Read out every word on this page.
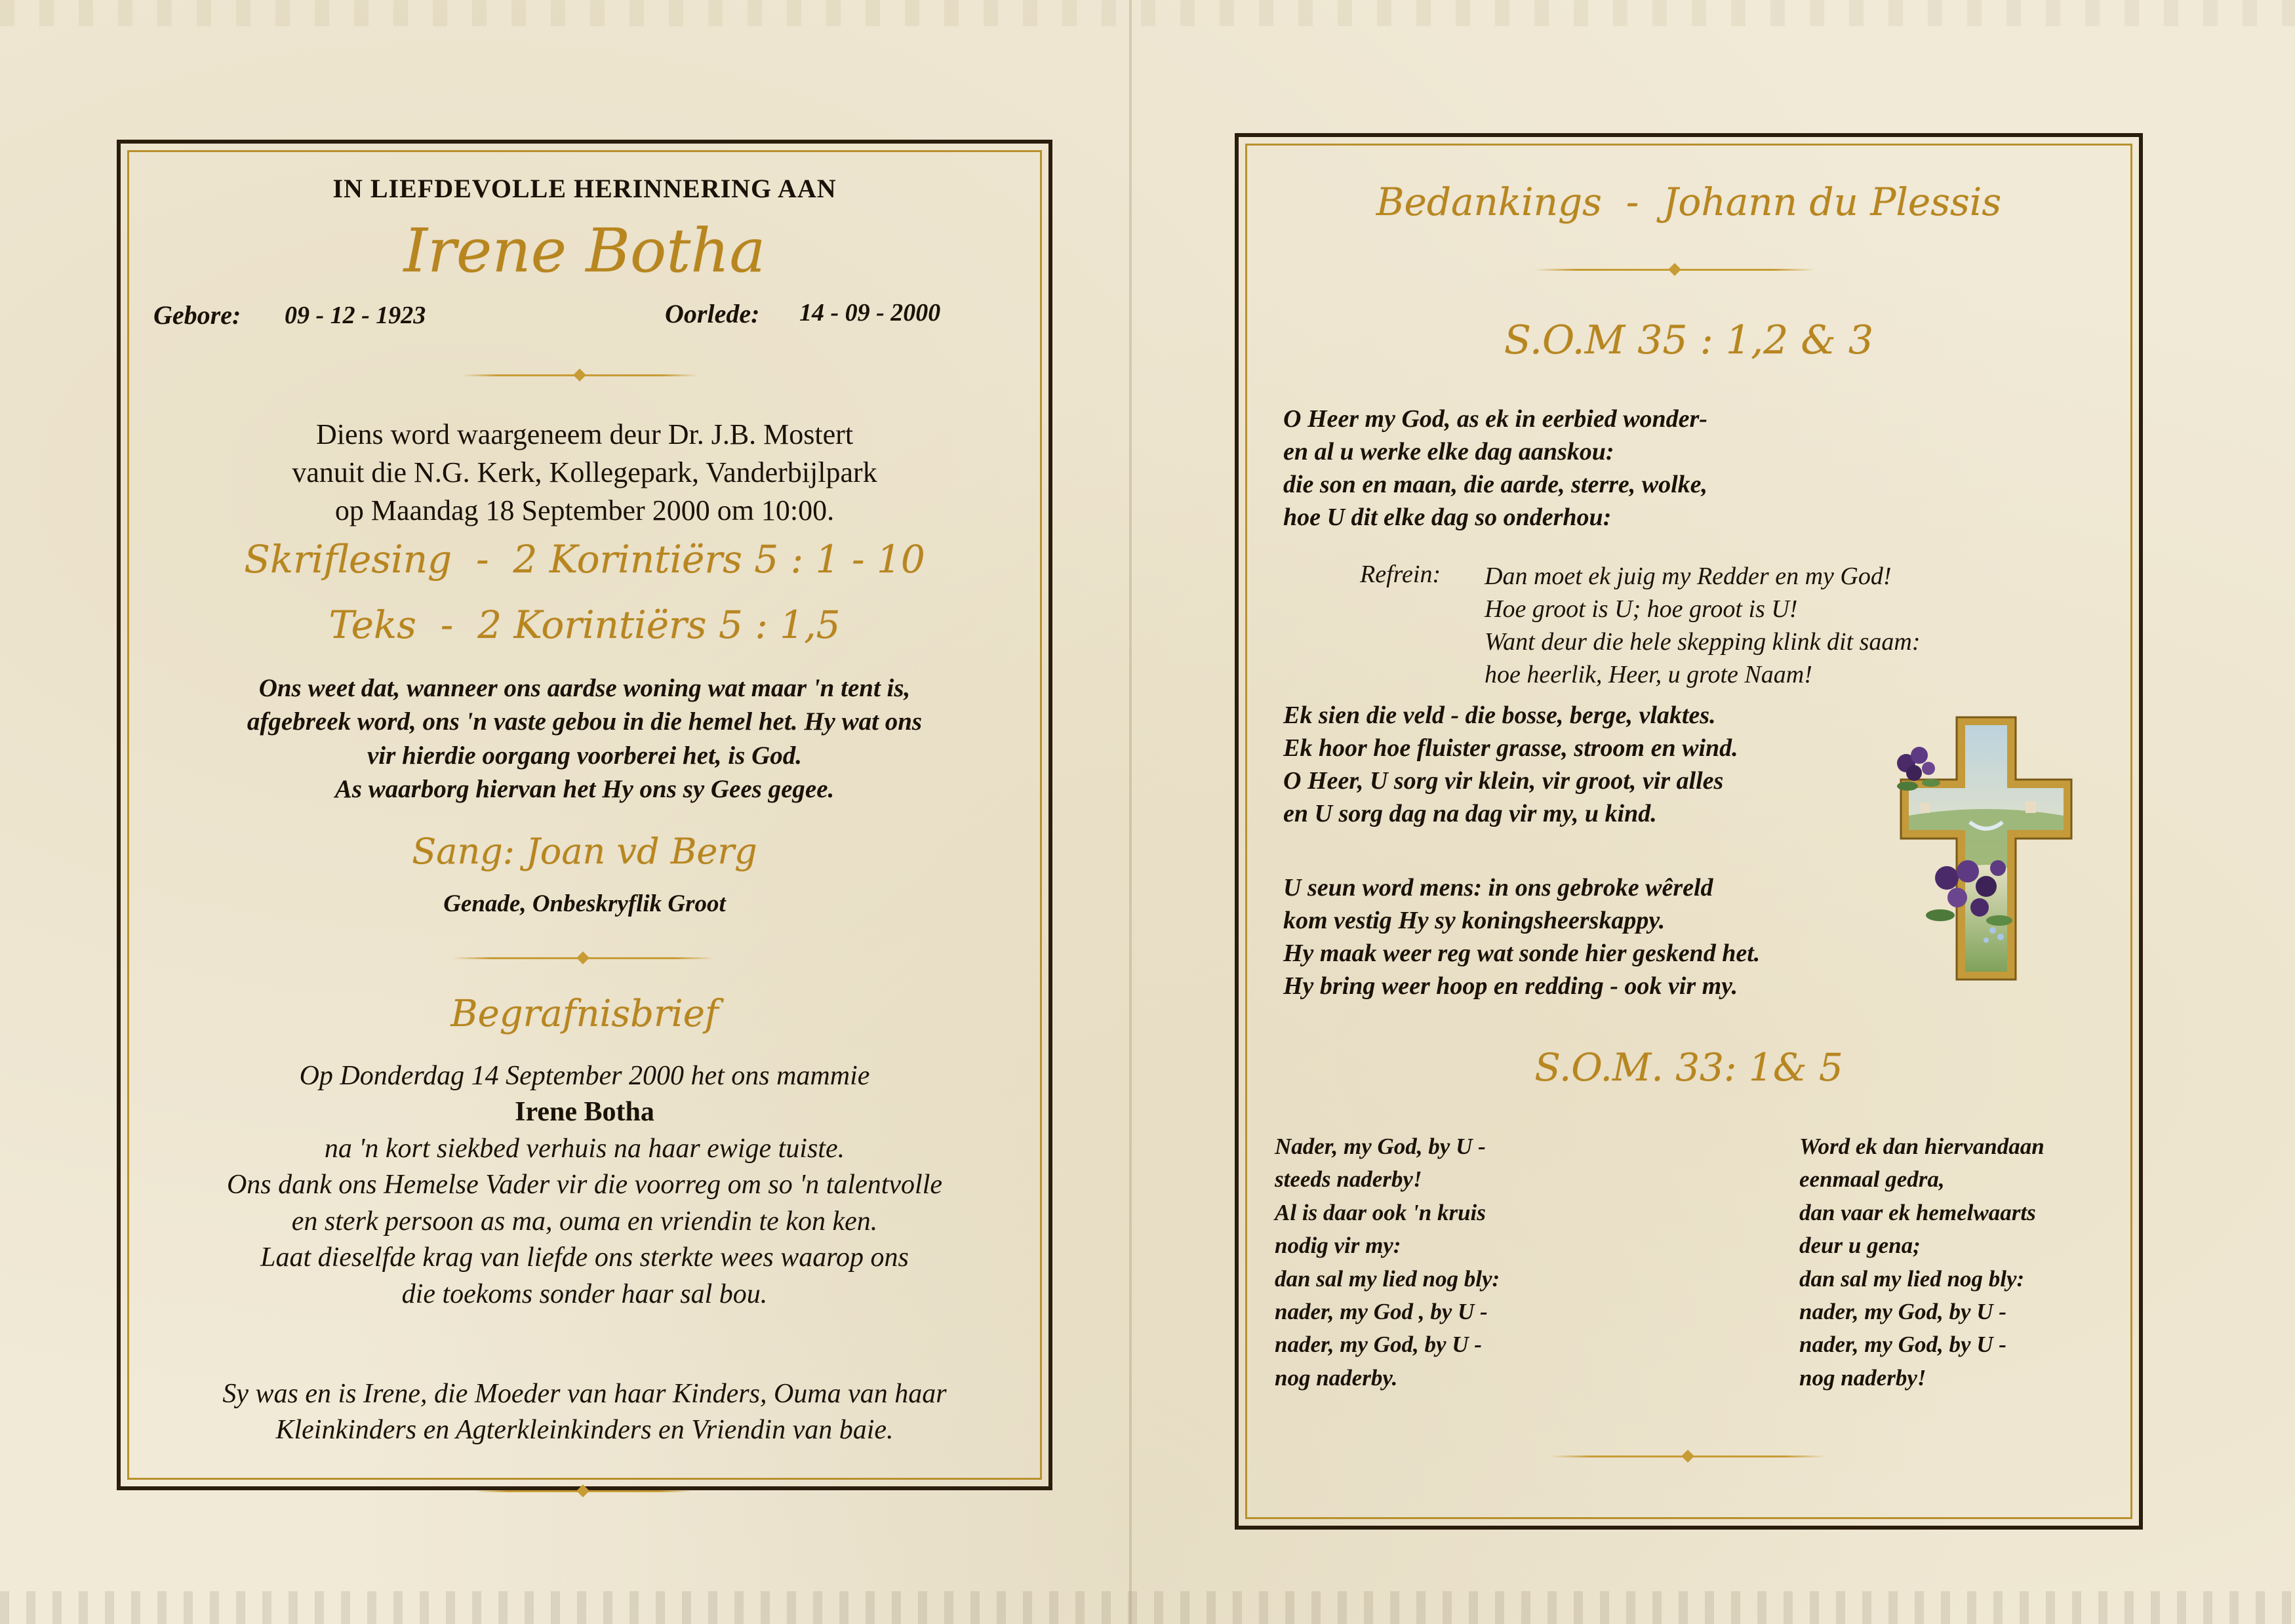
IN LIEFDEVOLLE HERINNERING AAN
Irene Botha
Gebore: 09 - 12 - 1923	Oorlede: 14 - 09 - 2000
Diens word waargeneem deur Dr. J.B. Mostert
vanuit die N.G. Kerk, Kollegepark, Vanderbijlpark
op Maandag 18 September 2000 om 10:00.
Skriflesing  -  2 Korintiërs 5 : 1 - 10
Teks  -  2 Korintiërs 5 : 1,5
Ons weet dat, wanneer ons aardse woning wat maar 'n tent is,
afgebreek word, ons 'n vaste gebou in die hemel het. Hy wat ons
vir hierdie oorgang voorberei het, is God.
As waarborg hiervan het Hy ons sy Gees gegee.
Sang: Joan vd Berg
Genade, Onbeskryflik Groot
Begrafnisbrief
Op Donderdag 14 September 2000 het ons mammie
Irene Botha
na 'n kort siekbed verhuis na haar ewige tuiste.
Ons dank ons Hemelse Vader vir die voorreg om so 'n talentvolle
en sterk persoon as ma, ouma en vriendin te kon ken.
Laat dieselfde krag van liefde ons sterkte wees waarop ons
die toekoms sonder haar sal bou.
Sy was en is Irene, die Moeder van haar Kinders, Ouma van haar
Kleinkinders en Agterkleinkinders en Vriendin van baie.
Bedankings  -  Johann du Plessis
S.O.M 35 : 1,2 & 3
O Heer my God, as ek in eerbied wonder-
en al u werke elke dag aanskou:
die son en maan, die aarde, sterre, wolke,
hoe U dit elke dag so onderhou:
Refrein: Dan moet ek juig my Redder en my God!
Hoe groot is U; hoe groot is U!
Want deur die hele skepping klink dit saam:
hoe heerlik, Heer, u grote Naam!
Ek sien die veld - die bosse, berge, vlaktes.
Ek hoor hoe fluister grasse, stroom en wind.
O Heer, U sorg vir klein, vir groot, vir alles
en U sorg dag na dag vir my, u kind.
U seun word mens: in ons gebroke wêreld
kom vestig Hy sy koningsheerskappy.
Hy maak weer reg wat sonde hier geskend het.
Hy bring weer hoop en redding - ook vir my.
S.O.M. 33: 1& 5
Nader, my God, by U -
steeds naderby!
Al is daar ook 'n kruis
nodig vir my:
dan sal my lied nog bly:
nader, my God , by U -
nader, my God, by U -
nog naderby.
Word ek dan hiervandaan
eenmaal gedra,
dan vaar ek hemelwaarts
deur u gena;
dan sal my lied nog bly:
nader, my God, by U -
nader, my God, by U -
nog naderby!
